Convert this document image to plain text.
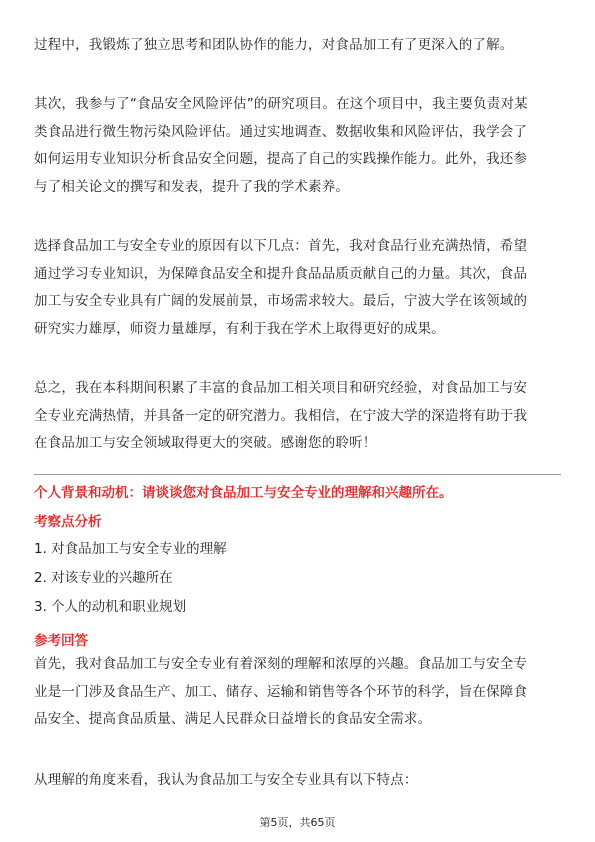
过程中，我锻炼了独立思考和团队协作的能力，对食品加工有了更深入的了解。

其次，我参与了“食品安全风险评估”的研究项目。在这个项目中，我主要负责对某
类食品进行微生物污染风险评估。通过实地调查、数据收集和风险评估，我学会了
如何运用专业知识分析食品安全问题，提高了自己的实践操作能力。此外，我还参
与了相关论文的撰写和发表，提升了我的学术素养。

选择食品加工与安全专业的原因有以下几点：首先，我对食品行业充满热情，希望
通过学习专业知识，为保障食品安全和提升食品品质贡献自己的力量。其次，食品
加工与安全专业具有广阔的发展前景，市场需求较大。最后，宁波大学在该领域的
研究实力雄厚，师资力量雄厚，有利于我在学术上取得更好的成果。

总之，我在本科期间积累了丰富的食品加工相关项目和研究经验，对食品加工与安
全专业充满热情，并具备一定的研究潜力。我相信，在宁波大学的深造将有助于我
在食品加工与安全领域取得更大的突破。感谢您的聆听！

个人背景和动机：请谈谈您对食品加工与安全专业的理解和兴趣所在。
考察点分析
1. 对食品加工与安全专业的理解
2. 对该专业的兴趣所在
3. 个人的动机和职业规划
参考回答

首先，我对食品加工与安全专业有着深刻的理解和浓厚的兴趣。食品加工与安全专
业是一门涉及食品生产、加工、储存、运输和销售等各个环节的科学，旨在保障食
品安全、提高食品质量、满足人民群众日益增长的食品安全需求。

从理解的角度来看，我认为食品加工与安全专业具有以下特点：

第5页，共65页
